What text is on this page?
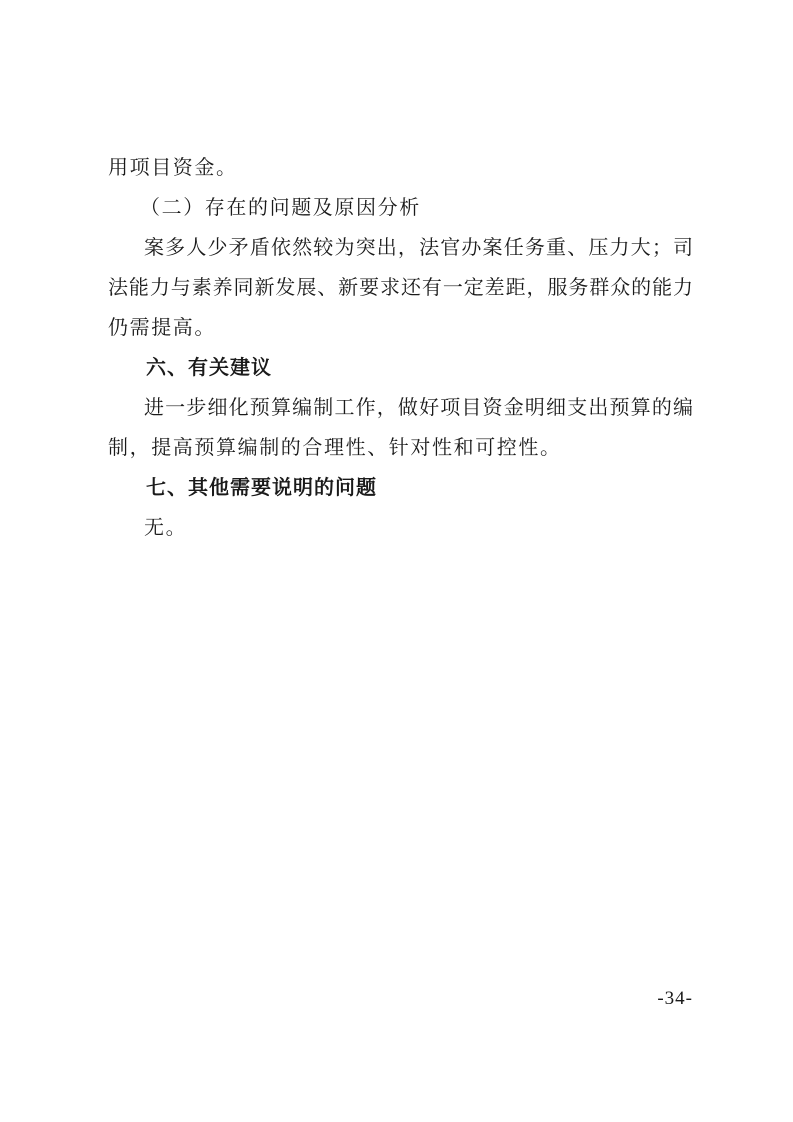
用项目资金。
（二）存在的问题及原因分析
案多人少矛盾依然较为突出，法官办案任务重、压力大；司
法能力与素养同新发展、新要求还有一定差距，服务群众的能力
仍需提高。
六、有关建议
进一步细化预算编制工作，做好项目资金明细支出预算的编
制，提高预算编制的合理性、针对性和可控性。
七、其他需要说明的问题
无。
-34-
